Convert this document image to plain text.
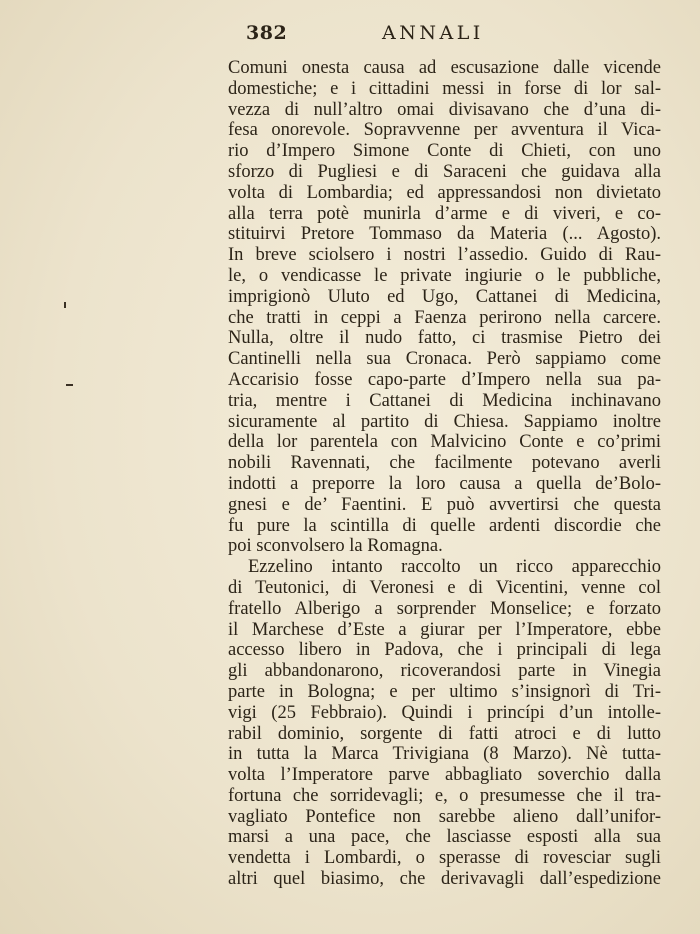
382	ANNALI
Comuni onesta causa ad escusazione dalle vicende
domestiche; e i cittadini messi in forse di lor sal-
vezza di null’altro omai divisavano che d’una di-
fesa onorevole. Sopravvenne per avventura il Vica-
rio d’Impero Simone Conte di Chieti, con uno
sforzo di Pugliesi e di Saraceni che guidava alla
volta di Lombardia; ed appressandosi non divietato
alla terra potè munirla d’arme e di viveri, e co-
stituirvi Pretore Tommaso da Materia (... Agosto).
In breve sciolsero i nostri l’assedio. Guido di Rau-
le, o vendicasse le private ingiurie o le pubbliche,
imprigionò Uluto ed Ugo, Cattanei di Medicina,
che tratti in ceppi a Faenza perirono nella carcere.
Nulla, oltre il nudo fatto, ci trasmise Pietro dei
Cantinelli nella sua Cronaca. Però sappiamo come
Accarisio fosse capo-parte d’Impero nella sua pa-
tria, mentre i Cattanei di Medicina inchinavano
sicuramente al partito di Chiesa. Sappiamo inoltre
della lor parentela con Malvicino Conte e co’primi
nobili Ravennati, che facilmente potevano averli
indotti a preporre la loro causa a quella de’Bolo-
gnesi e de’ Faentini. E può avvertirsi che questa
fu pure la scintilla di quelle ardenti discordie che
poi sconvolsero la Romagna.
Ezzelino intanto raccolto un ricco apparecchio
di Teutonici, di Veronesi e di Vicentini, venne col
fratello Alberigo a sorprender Monselice; e forzato
il Marchese d’Este a giurar per l’Imperatore, ebbe
accesso libero in Padova, che i principali di lega
gli abbandonarono, ricoverandosi parte in Vinegia
parte in Bologna; e per ultimo s’insignorì di Tri-
vigi (25 Febbraio). Quindi i princípi d’un intolle-
rabil dominio, sorgente di fatti atroci e di lutto
in tutta la Marca Trivigiana (8 Marzo). Nè tutta-
volta l’Imperatore parve abbagliato soverchio dalla
fortuna che sorridevagli; e, o presumesse che il tra-
vagliato Pontefice non sarebbe alieno dall’unifor-
marsi a una pace, che lasciasse esposti alla sua
vendetta i Lombardi, o sperasse di rovesciar sugli
altri quel biasimo, che derivavagli dall’espedizione
